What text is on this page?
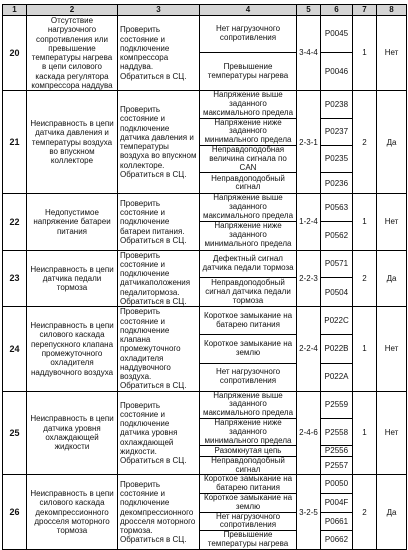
1	2	3	4	5	6	7	8
20	Отсутствие нагрузочного сопротивления или превышение температуры нагрева в цепи силового каскада регулятора компрессора наддува	Проверить состояние и подключение компрессора наддува. Обратиться в СЦ.	Нет нагрузочного сопротивления	3-4-4	P0045	1	Нет
			Превышение температуры нагрева		P0046		
21	Неисправность в цепи датчика давления и температуры воздуха во впускном коллекторе	Проверить состояние и подключение датчика давления и температуры воздуха во впускном коллекторе. Обратиться в СЦ.	Напряжение выше заданного максимального предела	2-3-1	P0238	2	Да
			Напряжение ниже заданного минимального предела		P0237		
			Неправдоподобная величина сигнала по CAN		P0235		
			Неправдоподобный сигнал		P0236		
22	Недопустимое напряжение батареи питания	Проверить состояние и подключение батареи питания. Обратиться в СЦ.	Напряжение выше заданного максимального предела	1-2-4	P0563	1	Нет
			Напряжение ниже заданного минимального предела		P0562		
23	Неисправность в цепи датчика педали тормоза	Проверить состояние и подключение датчикаположения педалитормоза. Обратиться в СЦ.	Дефектный сигнал датчика педали тормоза	2-2-3	P0571	2	Да
			Неправдоподобный сигнал датчика педали тормоза		P0504		
24	Неисправность в цепи силового каскада перепускного клапана промежуточного охладителя наддувочного воздуха	Проверить состояние и подключение клапана промежуточного охладителя наддувочного воздуха. Обратиться в СЦ.	Короткое замыкание на батарею питания	2-2-4	P022C	1	Нет
			Короткое замыкание на землю		P022B		
			Нет нагрузочного сопротивления		P022A		
25	Неисправность в цепи датчика уровня охлаждающей жидкости	Проверить состояние и подключение датчика уровня охлаждающей жидкости. Обратиться в СЦ.	Напряжение выше заданного максимального предела	2-4-6	P2559	1	Нет
			Напряжение ниже заданного минимального предела		P2558		
			Разомкнутая цепь		P2556		
			Неправдоподобный сигнал		P2557		
26	Неисправность в цепи силового каскада декомпрессионного дросселя моторного тормоза	Проверить состояние и подключение декомпрессионного дросселя моторного тормоза. Обратиться в СЦ.	Короткое замыкание на батарею питания	3-2-5	P0050	2	Да
			Короткое замыкание на землю		P004F		
			Нет нагрузочного сопротивления		P0661		
			Превышение температуры нагрева		P0662		
